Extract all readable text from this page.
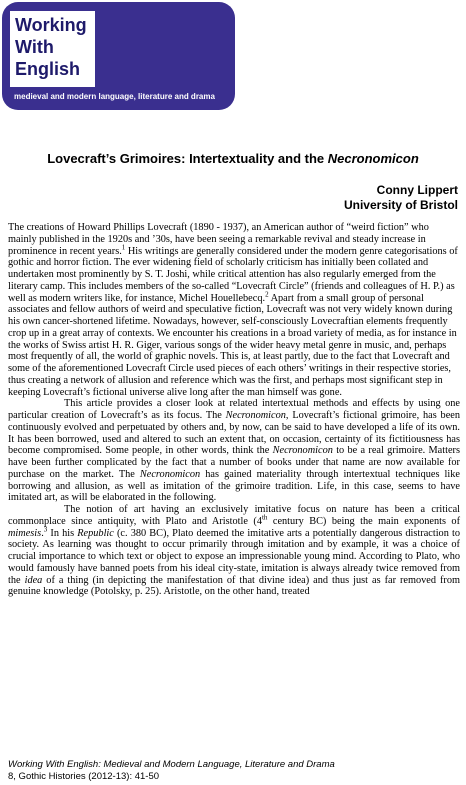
Working
With
English
medieval and modern language, literature and drama
Lovecraft’s Grimoires: Intertextuality and the Necronomicon
Conny Lippert
University of Bristol

The creations of Howard Phillips Lovecraft (1890 - 1937), an American author of “weird fiction” who mainly published in the 1920s and ’30s, have been seeing a remarkable revival and steady increase in prominence in recent years.$^1$ His writings are generally considered under the modern genre categorisations of gothic and horror fiction. The ever widening field of scholarly criticism has initially been collated and undertaken most prominently by S. T. Joshi, while critical attention has also regularly emerged from the literary camp. This includes members of the so-called “Lovecraft Circle” (friends and colleagues of H. P.) as well as modern writers like, for instance, Michel Houellebecq.$^2$ Apart from a small group of personal associates and fellow authors of weird and speculative fiction, Lovecraft was not very widely known during his own cancer-shortened lifetime. Nowadays, however, self-consciously Lovecraftian elements frequently crop up in a great array of contexts. We encounter his creations in a broad variety of media, as for instance in the works of Swiss artist H. R. Giger, various songs of the wider heavy metal genre in music, and, perhaps most frequently of all, the world of graphic novels. This is, at least partly, due to the fact that Lovecraft and some of the aforementioned Lovecraft Circle used pieces of each others’ writings in their respective stories, thus creating a network of allusion and reference which was the first, and perhaps most significant step in keeping Lovecraft’s fictional universe alive long after the man himself was gone.

This article provides a closer look at related intertextual methods and effects by using one particular creation of Lovecraft’s as its focus. The Necronomicon, Lovecraft’s fictional grimoire, has been continuously evolved and perpetuated by others and, by now, can be said to have developed a life of its own. It has been borrowed, used and altered to such an extent that, on occasion, certainty of its fictitiousness has become compromised. Some people, in other words, think the Necronomicon to be a real grimoire. Matters have been further complicated by the fact that a number of books under that name are now available for purchase on the market. The Necronomicon has gained materiality through intertextual techniques like borrowing and allusion, as well as imitation of the grimoire tradition. Life, in this case, seems to have imitated art, as will be elaborated in the following.

The notion of art having an exclusively imitative focus on nature has been a critical commonplace since antiquity, with Plato and Aristotle (4th century BC) being the main exponents of mimesis.$^3$ In his Republic (c. 380 BC), Plato deemed the imitative arts a potentially dangerous distraction to society. As learning was thought to occur primarily through imitation and by example, it was a choice of crucial importance to which text or object to expose an impressionable young mind. According to Plato, who would famously have banned poets from his ideal city-state, imitation is always already twice removed from the idea of a thing (in depicting the manifestation of that divine idea) and thus just as far removed from genuine knowledge (Potolsky, p. 25). Aristotle, on the other hand, treated

Working With English: Medieval and Modern Language, Literature and Drama
8, Gothic Histories (2012-13): 41-50
